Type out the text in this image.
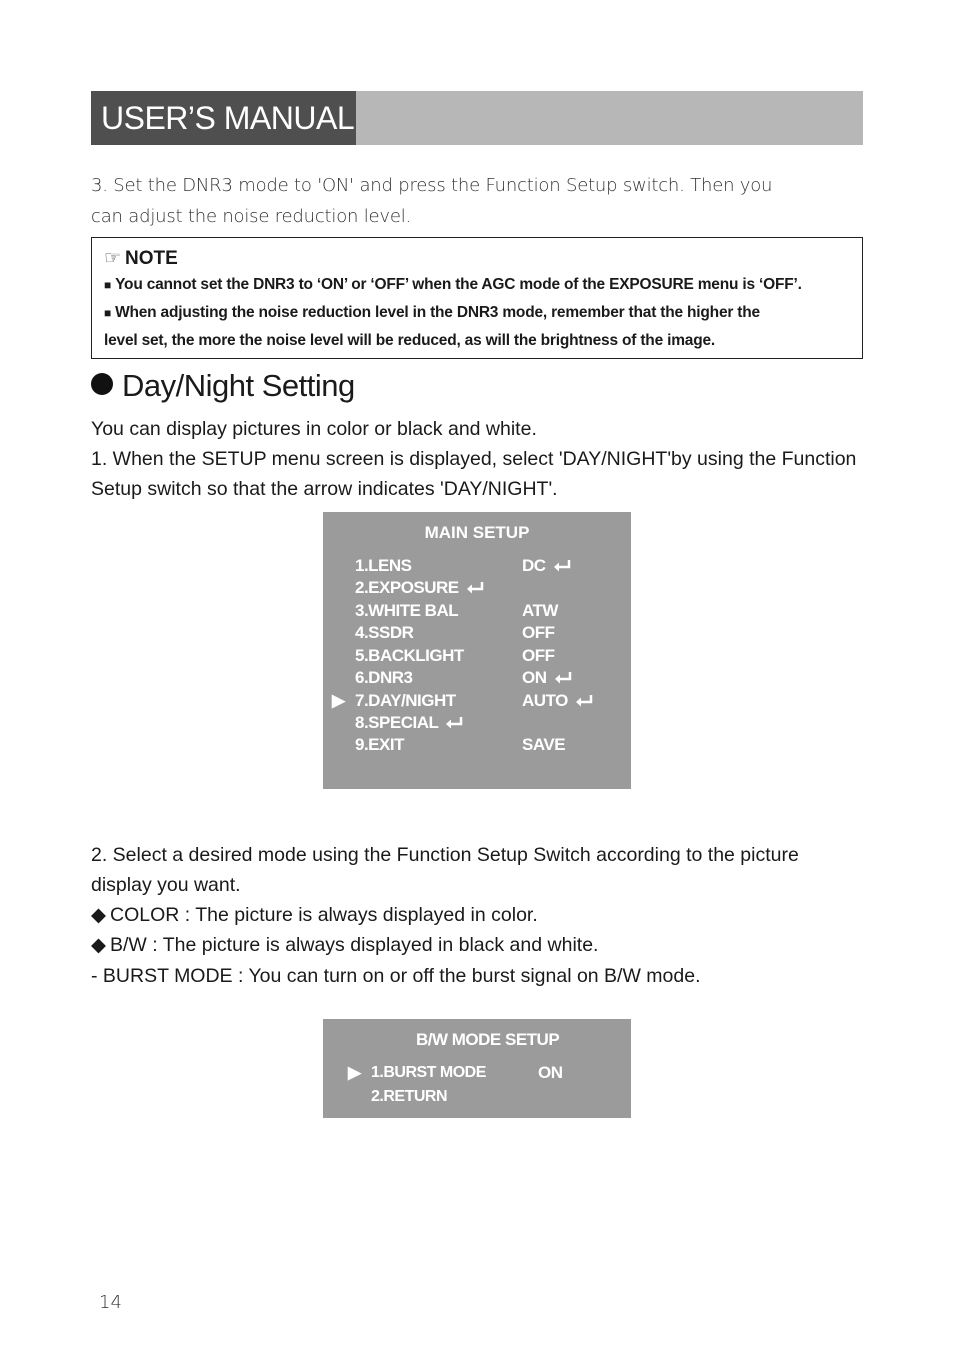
USER’S MANUAL
3. Set the DNR3 mode to 'ON' and press the Function Setup switch. Then you
can adjust the noise reduction level.
☞ NOTE
■ You cannot set the DNR3 to ‘ON’ or ‘OFF’ when the AGC mode of the EXPOSURE menu is ‘OFF’.
■ When adjusting the noise reduction level in the DNR3 mode, remember that the higher the
level set, the more the noise level will be reduced, as will the brightness of the image.
Day/Night Setting
You can display pictures in color or black and white.
1. When the SETUP menu screen is displayed, select 'DAY/NIGHT'by using the Function
Setup switch so that the arrow indicates 'DAY/NIGHT'.
MAIN SETUP
1.LENS	DC
2.EXPOSURE
3.WHITE BAL	ATW
4.SSDR	OFF
5.BACKLIGHT	OFF
6.DNR3	ON
▶ 7.DAY/NIGHT	AUTO
8.SPECIAL
9.EXIT	SAVE
2. Select a desired mode using the Function Setup Switch according to the picture
display you want.
◆ COLOR : The picture is always displayed in color.
◆ B/W : The picture is always displayed in black and white.
- BURST MODE : You can turn on or off the burst signal on B/W mode.
B/W MODE SETUP
▶ 1.BURST MODE	ON
2.RETURN
14
